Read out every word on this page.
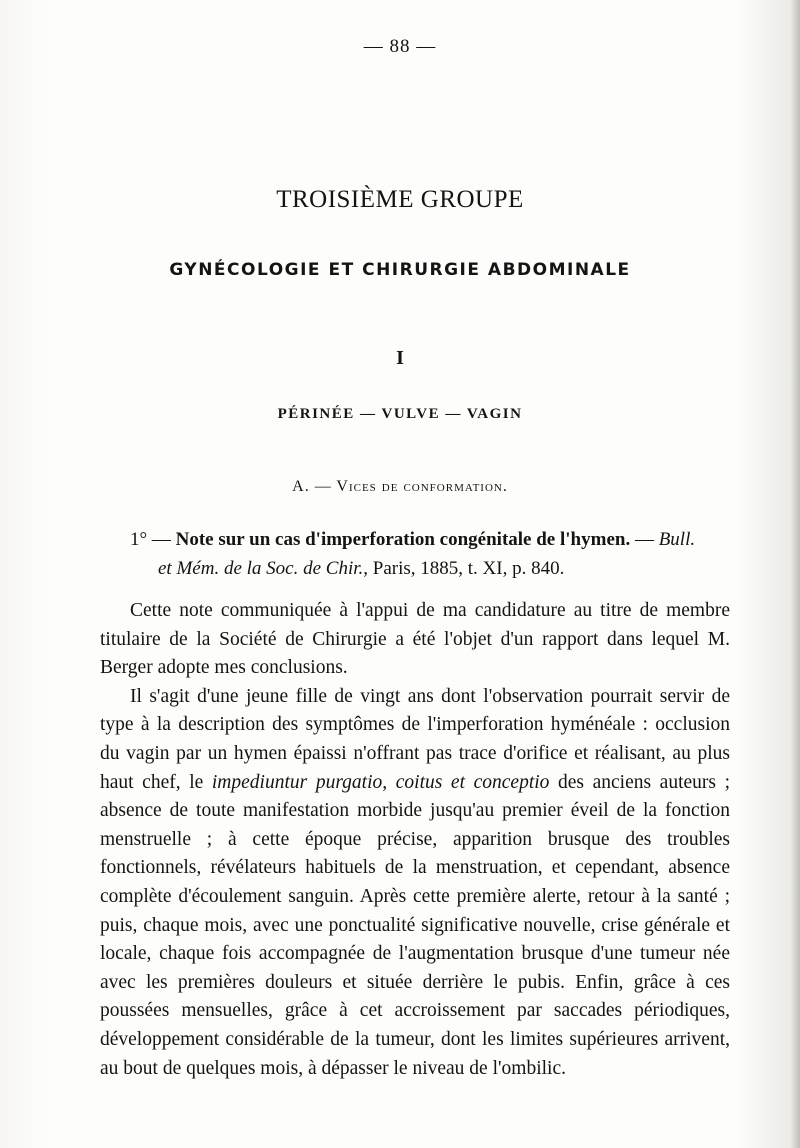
— 88 —
TROISIÈME GROUPE
GYNÉCOLOGIE ET CHIRURGIE ABDOMINALE
I
PÉRINÉE — VULVE — VAGIN
A. — Vices de conformation.
1° — Note sur un cas d'imperforation congénitale de l'hymen. — Bull.
et Mém. de la Soc. de Chir., Paris, 1885, t. XI, p. 840.

Cette note communiquée à l'appui de ma candidature au titre de membre titulaire de la Société de Chirurgie a été l'objet d'un rapport dans lequel M. Berger adopte mes conclusions.

Il s'agit d'une jeune fille de vingt ans dont l'observation pourrait servir de type à la description des symptômes de l'imperforation hyménéale : occlusion du vagin par un hymen épaissi n'offrant pas trace d'orifice et réalisant, au plus haut chef, le impediuntur purgatio, coitus et conceptio des anciens auteurs ; absence de toute manifestation morbide jusqu'au premier éveil de la fonction menstruelle ; à cette époque précise, apparition brusque des troubles fonctionnels, révélateurs habituels de la menstruation, et cependant, absence complète d'écoulement sanguin. Après cette première alerte, retour à la santé ; puis, chaque mois, avec une ponctualité significative nouvelle, crise générale et locale, chaque fois accompagnée de l'augmentation brusque d'une tumeur née avec les premières douleurs et située derrière le pubis. Enfin, grâce à ces poussées mensuelles, grâce à cet accroissement par saccades périodiques, développement considérable de la tumeur, dont les limites supérieures arrivent, au bout de quelques mois, à dépasser le niveau de l'ombilic.
